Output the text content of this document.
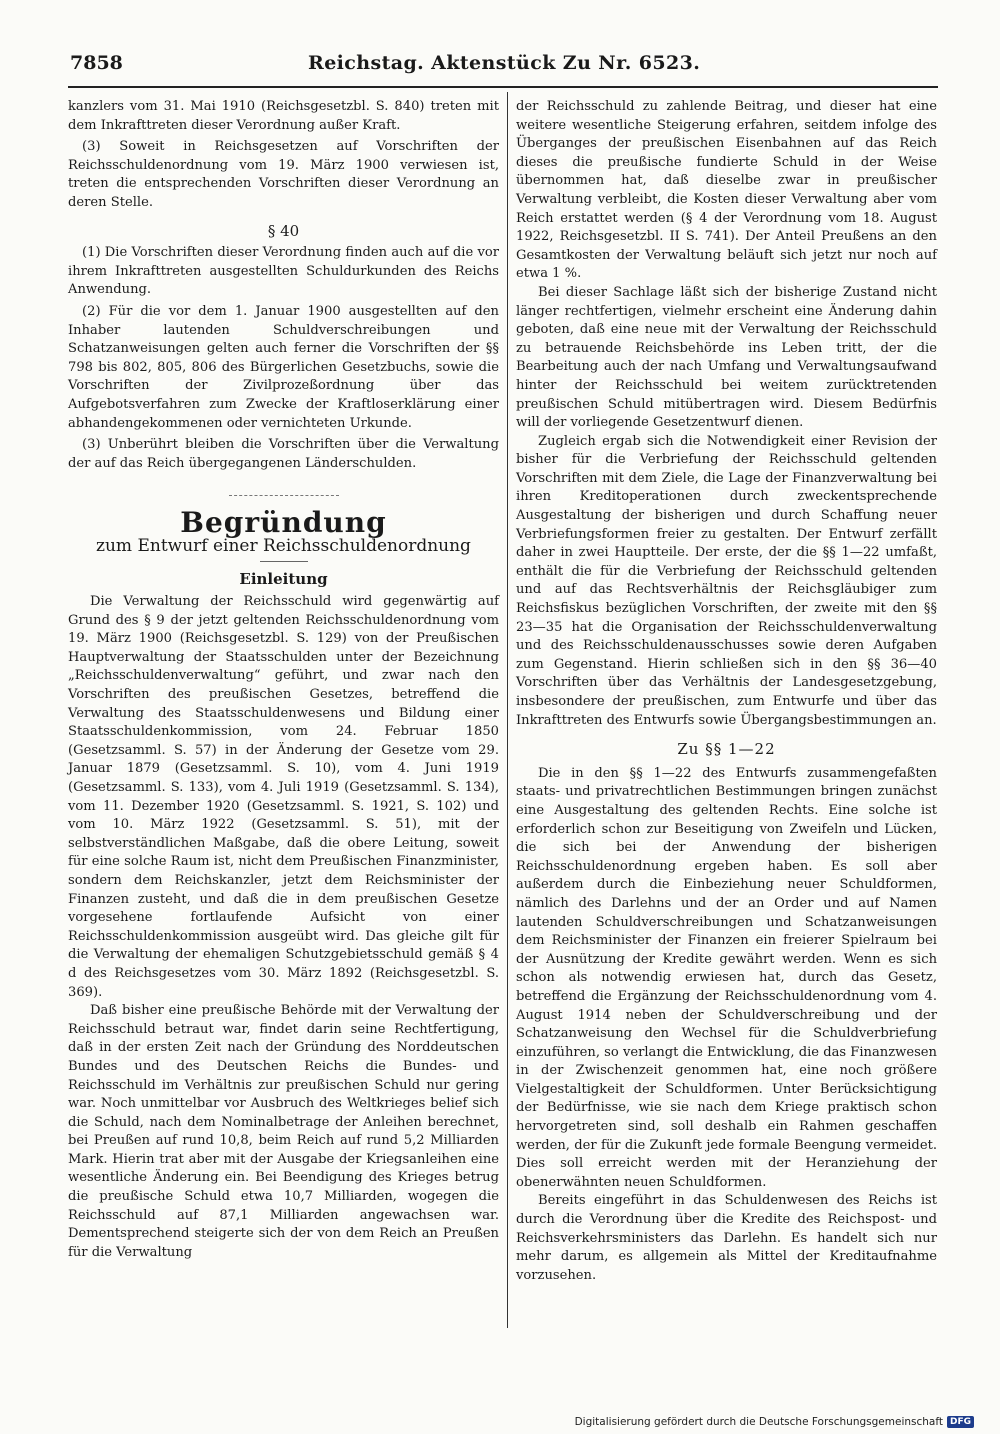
7858	Reichstag. Aktenstück Zu Nr. 6523.

kanzlers vom 31. Mai 1910 (Reichsgesetzbl. S. 840) treten mit dem Inkrafttreten dieser Verordnung außer Kraft.

(3) Soweit in Reichsgesetzen auf Vorschriften der Reichsschuldenordnung vom 19. März 1900 verwiesen ist, treten die entsprechenden Vorschriften dieser Verordnung an deren Stelle.

§ 40

(1) Die Vorschriften dieser Verordnung finden auch auf die vor ihrem Inkrafttreten ausgestellten Schuldurkunden des Reichs Anwendung.

(2) Für die vor dem 1. Januar 1900 ausgestellten auf den Inhaber lautenden Schuldverschreibungen und Schatzanweisungen gelten auch ferner die Vorschriften der §§ 798 bis 802, 805, 806 des Bürgerlichen Gesetzbuchs, sowie die Vorschriften der Zivilprozeßordnung über das Aufgebotsverfahren zum Zwecke der Kraftloserklärung einer abhandengekommenen oder vernichteten Urkunde.

(3) Unberührt bleiben die Vorschriften über die Verwaltung der auf das Reich übergegangenen Länderschulden.

Begründung
zum Entwurf einer Reichsschuldenordnung
Einleitung

Die Verwaltung der Reichsschuld wird gegenwärtig auf Grund des § 9 der jetzt geltenden Reichsschuldenordnung vom 19. März 1900 (Reichsgesetzbl. S. 129) von der Preußischen Hauptverwaltung der Staatsschulden unter der Bezeichnung „Reichsschuldenverwaltung“ geführt, und zwar nach den Vorschriften des preußischen Gesetzes, betreffend die Verwaltung des Staatsschuldenwesens und Bildung einer Staatsschuldenkommission, vom 24. Februar 1850 (Gesetzsamml. S. 57) in der Änderung der Gesetze vom 29. Januar 1879 (Gesetzsamml. S. 10), vom 4. Juni 1919 (Gesetzsamml. S. 133), vom 4. Juli 1919 (Gesetzsamml. S. 134), vom 11. Dezember 1920 (Gesetzsamml. S. 1921, S. 102) und vom 10. März 1922 (Gesetzsamml. S. 51), mit der selbstverständlichen Maßgabe, daß die obere Leitung, soweit für eine solche Raum ist, nicht dem Preußischen Finanzminister, sondern dem Reichskanzler, jetzt dem Reichsminister der Finanzen zusteht, und daß die in dem preußischen Gesetze vorgesehene fortlaufende Aufsicht von einer Reichsschuldenkommission ausgeübt wird. Das gleiche gilt für die Verwaltung der ehemaligen Schutzgebietsschuld gemäß § 4 d des Reichsgesetzes vom 30. März 1892 (Reichsgesetzbl. S. 369).

Daß bisher eine preußische Behörde mit der Verwaltung der Reichsschuld betraut war, findet darin seine Rechtfertigung, daß in der ersten Zeit nach der Gründung des Norddeutschen Bundes und des Deutschen Reichs die Bundes- und Reichsschuld im Verhältnis zur preußischen Schuld nur gering war. Noch unmittelbar vor Ausbruch des Weltkrieges belief sich die Schuld, nach dem Nominalbetrage der Anleihen berechnet, bei Preußen auf rund 10,8, beim Reich auf rund 5,2 Milliarden Mark. Hierin trat aber mit der Ausgabe der Kriegsanleihen eine wesentliche Änderung ein. Bei Beendigung des Krieges betrug die preußische Schuld etwa 10,7 Milliarden, wogegen die Reichsschuld auf 87,1 Milliarden angewachsen war. Dementsprechend steigerte sich der von dem Reich an Preußen für die Verwaltung

der Reichsschuld zu zahlende Beitrag, und dieser hat eine weitere wesentliche Steigerung erfahren, seitdem infolge des Überganges der preußischen Eisenbahnen auf das Reich dieses die preußische fundierte Schuld in der Weise übernommen hat, daß dieselbe zwar in preußischer Verwaltung verbleibt, die Kosten dieser Verwaltung aber vom Reich erstattet werden (§ 4 der Verordnung vom 18. August 1922, Reichsgesetzbl. II S. 741). Der Anteil Preußens an den Gesamtkosten der Verwaltung beläuft sich jetzt nur noch auf etwa 1 %.

Bei dieser Sachlage läßt sich der bisherige Zustand nicht länger rechtfertigen, vielmehr erscheint eine Änderung dahin geboten, daß eine neue mit der Verwaltung der Reichsschuld zu betrauende Reichsbehörde ins Leben tritt, der die Bearbeitung auch der nach Umfang und Verwaltungsaufwand hinter der Reichsschuld bei weitem zurücktretenden preußischen Schuld mitübertragen wird. Diesem Bedürfnis will der vorliegende Gesetzentwurf dienen.

Zugleich ergab sich die Notwendigkeit einer Revision der bisher für die Verbriefung der Reichsschuld geltenden Vorschriften mit dem Ziele, die Lage der Finanzverwaltung bei ihren Kreditoperationen durch zweckentsprechende Ausgestaltung der bisherigen und durch Schaffung neuer Verbriefungsformen freier zu gestalten. Der Entwurf zerfällt daher in zwei Hauptteile. Der erste, der die §§ 1—22 umfaßt, enthält die für die Verbriefung der Reichsschuld geltenden und auf das Rechtsverhältnis der Reichsgläubiger zum Reichsfiskus bezüglichen Vorschriften, der zweite mit den §§ 23—35 hat die Organisation der Reichsschuldenverwaltung und des Reichsschuldenausschusses sowie deren Aufgaben zum Gegenstand. Hierin schließen sich in den §§ 36—40 Vorschriften über das Verhältnis der Landesgesetzgebung, insbesondere der preußischen, zum Entwurfe und über das Inkrafttreten des Entwurfs sowie Übergangsbestimmungen an.

Zu §§ 1—22

Die in den §§ 1—22 des Entwurfs zusammengefaßten staats- und privatrechtlichen Bestimmungen bringen zunächst eine Ausgestaltung des geltenden Rechts. Eine solche ist erforderlich schon zur Beseitigung von Zweifeln und Lücken, die sich bei der Anwendung der bisherigen Reichsschuldenordnung ergeben haben. Es soll aber außerdem durch die Einbeziehung neuer Schuldformen, nämlich des Darlehns und der an Order und auf Namen lautenden Schuldverschreibungen und Schatzanweisungen dem Reichsminister der Finanzen ein freierer Spielraum bei der Ausnützung der Kredite gewährt werden. Wenn es sich schon als notwendig erwiesen hat, durch das Gesetz, betreffend die Ergänzung der Reichsschuldenordnung vom 4. August 1914 neben der Schuldverschreibung und der Schatzanweisung den Wechsel für die Schuldverbriefung einzuführen, so verlangt die Entwicklung, die das Finanzwesen in der Zwischenzeit genommen hat, eine noch größere Vielgestaltigkeit der Schuldformen. Unter Berücksichtigung der Bedürfnisse, wie sie nach dem Kriege praktisch schon hervorgetreten sind, soll deshalb ein Rahmen geschaffen werden, der für die Zukunft jede formale Beengung vermeidet. Dies soll erreicht werden mit der Heranziehung der obenerwähnten neuen Schuldformen.

Bereits eingeführt in das Schuldenwesen des Reichs ist durch die Verordnung über die Kredite des Reichspost- und Reichsverkehrsministers das Darlehn. Es handelt sich nur mehr darum, es allgemein als Mittel der Kreditaufnahme vorzusehen.

Digitalisierung gefördert durch die Deutsche Forschungsgemeinschaft DFG
